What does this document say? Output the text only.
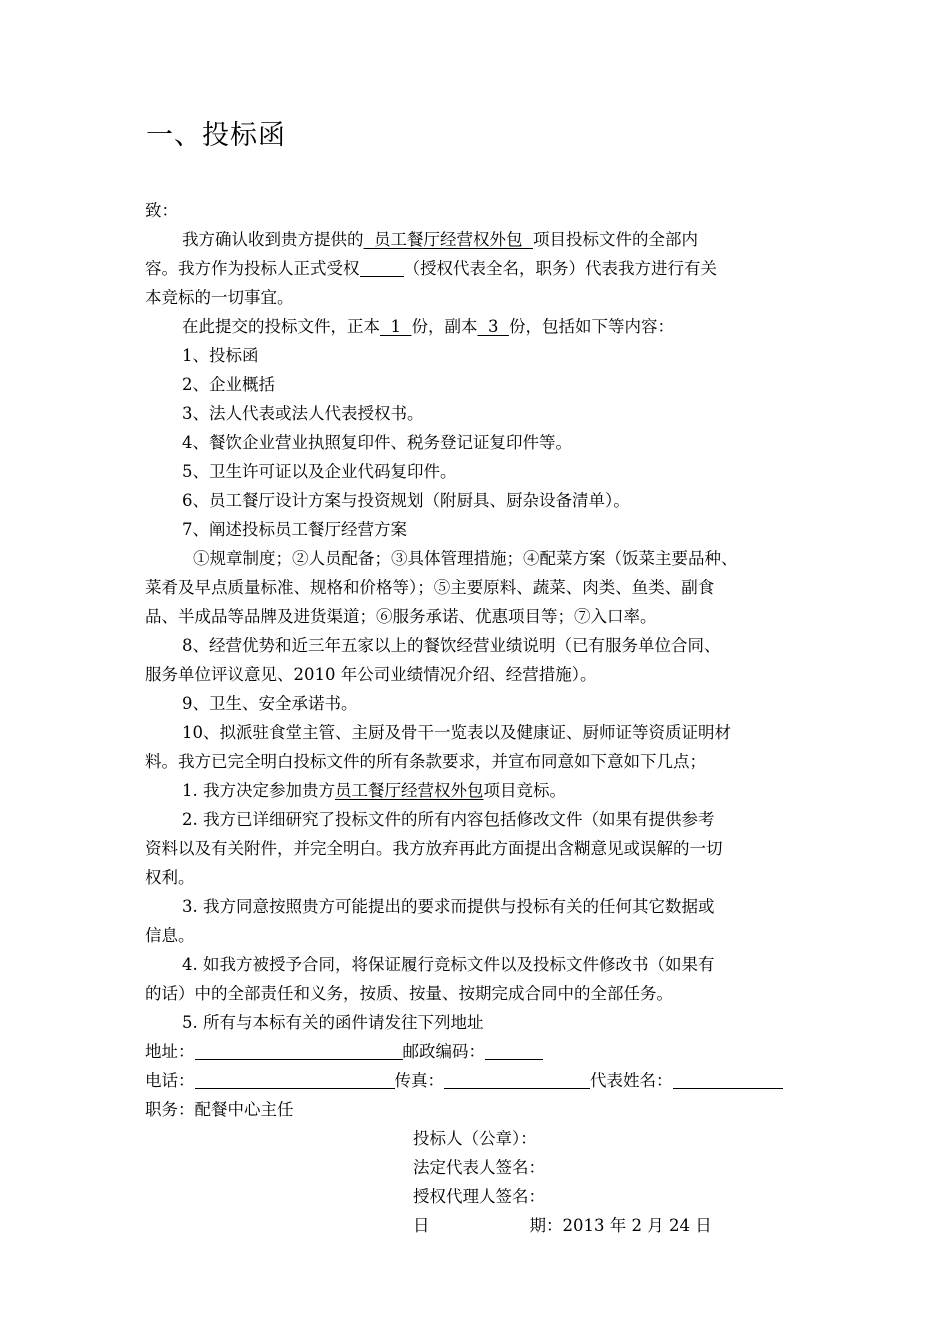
一、投标函
致：
我方确认收到贵方提供的  员工餐厅经营权外包  项目投标文件的全部内
容。我方作为投标人正式受权	（授权代表全名，职务）代表我方进行有关
本竞标的一切事宜。
在此提交的投标文件，正本  1  份，副本  3  份，包括如下等内容：
1、投标函
2、企业概括
3、法人代表或法人代表授权书。
4、餐饮企业营业执照复印件、税务登记证复印件等。
5、卫生许可证以及企业代码复印件。
6、员工餐厅设计方案与投资规划（附厨具、厨杂设备清单）。
7、阐述投标员工餐厅经营方案
①规章制度；②人员配备；③具体管理措施；④配菜方案（饭菜主要品种、
菜肴及早点质量标准、规格和价格等）；⑤主要原料、蔬菜、肉类、鱼类、副食
品、半成品等品牌及进货渠道；⑥服务承诺、优惠项目等；⑦入口率。
8、经营优势和近三年五家以上的餐饮经营业绩说明（已有服务单位合同、
服务单位评议意见、2010 年公司业绩情况介绍、经营措施）。
9、卫生、安全承诺书。
10、拟派驻食堂主管、主厨及骨干一览表以及健康证、厨师证等资质证明材
料。我方已完全明白投标文件的所有条款要求，并宣布同意如下意如下几点；
1. 我方决定参加贵方员工餐厅经营权外包项目竞标。
2. 我方已详细研究了投标文件的所有内容包括修改文件（如果有提供参考
资料以及有关附件，并完全明白。我方放弃再此方面提出含糊意见或误解的一切
权利。
3. 我方同意按照贵方可能提出的要求而提供与投标有关的任何其它数据或
信息。
4. 如我方被授予合同，将保证履行竞标文件以及投标文件修改书（如果有
的话）中的全部责任和义务，按质、按量、按期完成合同中的全部任务。
5. 所有与本标有关的函件请发往下列地址
地址：	邮政编码：
电话：	传真：	代表姓名：
职务：配餐中心主任
投标人（公章）：
法定代表人签名：
授权代理人签名：
日	期：2013 年 2 月 24 日
